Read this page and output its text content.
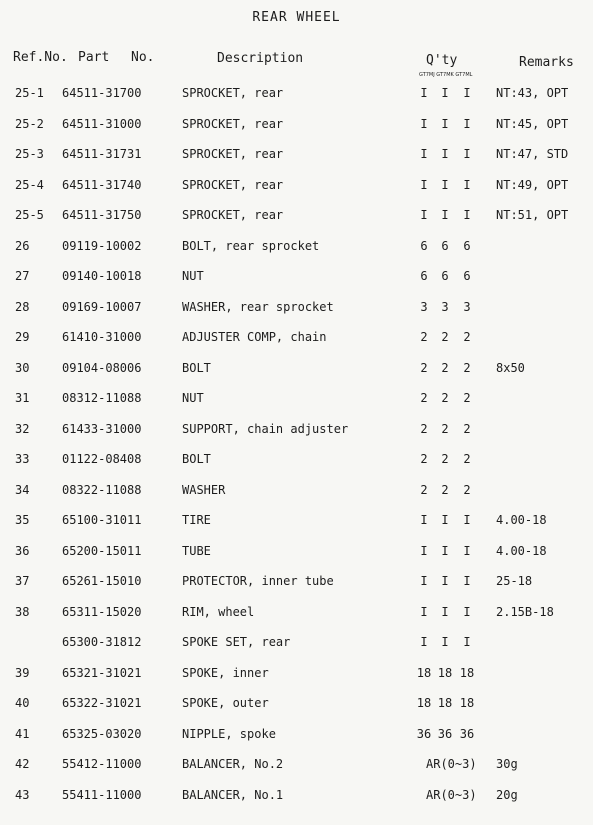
REAR WHEEL
Ref.No. Part No.	Description	Q'ty
GT7MJ GT7MK GT7ML
Remarks
25-1 64511-31700	SPROCKET, rear	I	I	I	NT:43, OPT
25-2 64511-31000	SPROCKET, rear	I	I	I	NT:45, OPT
25-3 64511-31731	SPROCKET, rear	I	I	I	NT:47, STD
25-4 64511-31740	SPROCKET, rear	I	I	I	NT:49, OPT
25-5 64511-31750	SPROCKET, rear	I	I	I	NT:51, OPT
26	09119-10002	BOLT, rear sprocket	6	6	6
27	09140-10018	NUT	6	6	6
28	09169-10007	WASHER, rear sprocket	3	3	3
29	61410-31000	ADJUSTER COMP, chain	2	2	2
30	09104-08006	BOLT	2	2	2	8x50
31	08312-11088	NUT	2	2	2
32	61433-31000	SUPPORT, chain adjuster	2	2	2
33	01122-08408	BOLT	2	2	2
34	08322-11088	WASHER	2	2	2
35	65100-31011	TIRE	I	I	I	4.00-18
36	65200-15011	TUBE	I	I	I	4.00-18
37	65261-15010	PROTECTOR, inner tube	I	I	I	25-18
38	65311-15020	RIM, wheel	I	I	I	2.15B-18
65300-31812	SPOKE SET, rear	I	I	I
39	65321-31021	SPOKE, inner	18 18 18
40	65322-31021	SPOKE, outer	18 18 18
41	65325-03020	NIPPLE, spoke	36 36 36
42	55412-11000	BALANCER, No.2	AR(0~3) 30g
43	55411-11000	BALANCER, No.1	AR(0~3) 20g
